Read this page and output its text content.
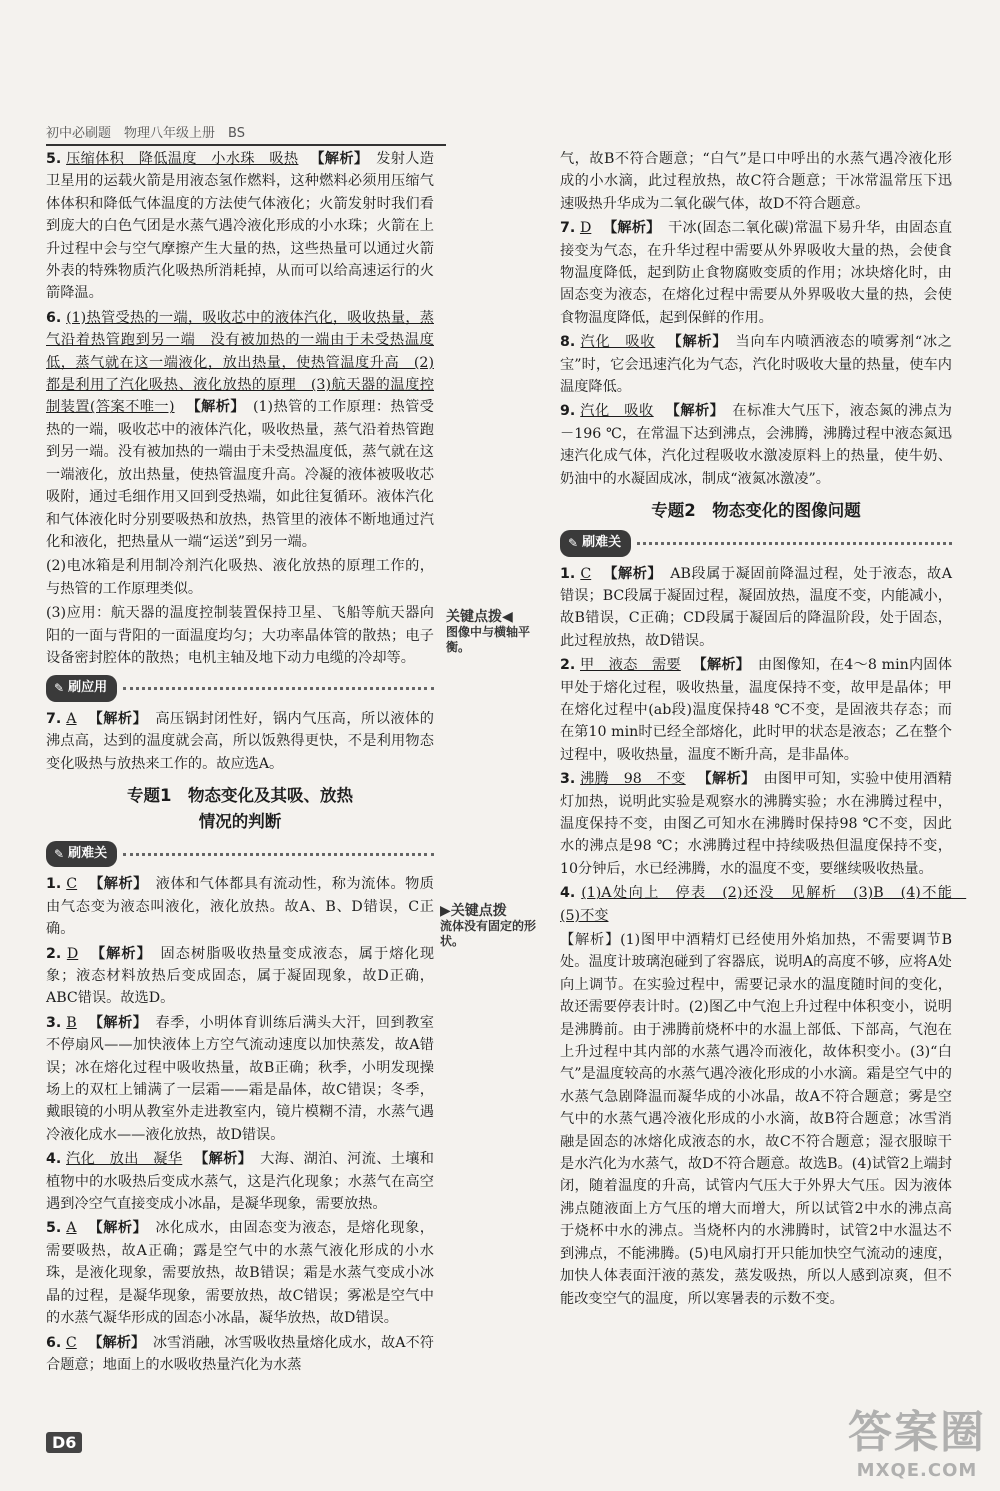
初中必刷题　物理八年级上册　BS
5. 压缩体积　降低温度　小水珠　吸热 【解析】 发射人造卫星用的运载火箭是用液态氢作燃料，这种燃料必须用压缩气体体积和降低气体温度的方法使气体液化；火箭发射时我们看到庞大的白色气团是水蒸气遇冷液化形成的小水珠；火箭在上升过程中会与空气摩擦产生大量的热，这些热量可以通过火箭外表的特殊物质汽化吸热所消耗掉，从而可以给高速运行的火箭降温。
6. (1)热管受热的一端，吸收芯中的液体汽化，吸收热量，蒸气沿着热管跑到另一端　没有被加热的一端由于未受热温度低，蒸气就在这一端液化，放出热量，使热管温度升高　(2)都是利用了汽化吸热、液化放热的原理　(3)航天器的温度控制装置(答案不唯一) 【解析】 (1)热管的工作原理：热管受热的一端，吸收芯中的液体汽化，吸收热量，蒸气沿着热管跑到另一端。没有被加热的一端由于未受热温度低，蒸气就在这一端液化，放出热量，使热管温度升高。冷凝的液体被吸收芯吸附，通过毛细作用又回到受热端，如此往复循环。液体汽化和气体液化时分别要吸热和放热，热管里的液体不断地通过汽化和液化，把热量从一端“运送”到另一端。
(2)电冰箱是利用制冷剂汽化吸热、液化放热的原理工作的，与热管的工作原理类似。
(3)应用：航天器的温度控制装置保持卫星、飞船等航天器向阳的一面与背阳的一面温度均匀；大功率晶体管的散热；电子设备密封腔体的散热；电机主轴及地下动力电缆的冷却等。
✎ 刷应用
7. A 【解析】 高压锅封闭性好，锅内气压高，所以液体的沸点高，达到的温度就会高，所以饭熟得更快，不是利用物态变化吸热与放热来工作的。故应选A。
专题1　物态变化及其吸、放热
情况的判断
✎ 刷难关
1. C 【解析】 液体和气体都具有流动性，称为流体。物质由气态变为液态叫液化，液化放热。故A、B、D错误，C正确。
2. D 【解析】 固态树脂吸收热量变成液态，属于熔化现象；液态材料放热后变成固态，属于凝固现象，故D正确，ABC错误。故选D。
3. B 【解析】 春季，小明体育训练后满头大汗，回到教室不停扇风——加快液体上方空气流动速度以加快蒸发，故A错误；冰在熔化过程中吸收热量，故B正确；秋季，小明发现操场上的双杠上铺满了一层霜——霜是晶体，故C错误；冬季，戴眼镜的小明从教室外走进教室内，镜片模糊不清，水蒸气遇冷液化成水——液化放热，故D错误。
4. 汽化　放出　凝华 【解析】 大海、湖泊、河流、土壤和植物中的水吸热后变成水蒸气，这是汽化现象；水蒸气在高空遇到冷空气直接变成小冰晶，是凝华现象，需要放热。
5. A 【解析】 冰化成水，由固态变为液态，是熔化现象，需要吸热，故A正确；露是空气中的水蒸气液化形成的小水珠，是液化现象，需要放热，故B错误；霜是水蒸气变成小冰晶的过程，是凝华现象，需要放热，故C错误；雾凇是空气中的水蒸气凝华形成的固态小冰晶，凝华放热，故D错误。
6. C 【解析】 冰雪消融，冰雪吸收热量熔化成水，故A不符合题意；地面上的水吸收热量汽化为水蒸
关键点拨◀
图像中与横轴平衡。
▶关键点拨
流体没有固定的形状。
气，故B不符合题意；“白气”是口中呼出的水蒸气遇冷液化形成的小水滴，此过程放热，故C符合题意；干冰常温常压下迅速吸热升华成为二氧化碳气体，故D不符合题意。
7. D 【解析】 干冰(固态二氧化碳)常温下易升华，由固态直接变为气态，在升华过程中需要从外界吸收大量的热，会使食物温度降低，起到防止食物腐败变质的作用；冰块熔化时，由固态变为液态，在熔化过程中需要从外界吸收大量的热，会使食物温度降低，起到保鲜的作用。
8. 汽化　吸收 【解析】 当向车内喷洒液态的喷雾剂“冰之宝”时，它会迅速汽化为气态，汽化时吸收大量的热量，使车内温度降低。
9. 汽化　吸收 【解析】 在标准大气压下，液态氮的沸点为－196 ℃，在常温下达到沸点，会沸腾，沸腾过程中液态氮迅速汽化成气体，汽化过程吸收水激凌原料上的热量，使牛奶、奶油中的水凝固成冰，制成“液氮冰激凌”。
专题2　物态变化的图像问题
✎ 刷难关
1. C 【解析】 AB段属于凝固前降温过程，处于液态，故A错误；BC段属于凝固过程，凝固放热，温度不变，内能减小，故B错误，C正确；CD段属于凝固后的降温阶段，处于固态，此过程放热，故D错误。
2. 甲　液态　需要 【解析】 由图像知，在4～8 min内固体甲处于熔化过程，吸收热量，温度保持不变，故甲是晶体；甲在熔化过程中(ab段)温度保持48 ℃不变，是固液共存态；而在第10 min时已经全部熔化，此时甲的状态是液态；乙在整个过程中，吸收热量，温度不断升高，是非晶体。
3. 沸腾　98　不变 【解析】 由图甲可知，实验中使用酒精灯加热，说明此实验是观察水的沸腾实验；水在沸腾过程中，温度保持不变，由图乙可知水在沸腾时保持98 ℃不变，因此水的沸点是98 ℃；水沸腾过程中持续吸热但温度保持不变，10分钟后，水已经沸腾，水的温度不变，要继续吸收热量。
4. (1)A处向上　停表　(2)还没　见解析　(3)B　(4)不能　(5)不变
【解析】(1)图甲中酒精灯已经使用外焰加热，不需要调节B处。温度计玻璃泡碰到了容器底，说明A的高度不够，应将A处向上调节。在实验过程中，需要记录水的温度随时间的变化，故还需要停表计时。(2)图乙中气泡上升过程中体积变小，说明是沸腾前。由于沸腾前烧杯中的水温上部低、下部高，气泡在上升过程中其内部的水蒸气遇冷而液化，故体积变小。(3)“白气”是温度较高的水蒸气遇冷液化形成的小水滴。霜是空气中的水蒸气急剧降温而凝华成的小冰晶，故A不符合题意；雾是空气中的水蒸气遇冷液化形成的小水滴，故B符合题意；冰雪消融是固态的冰熔化成液态的水，故C不符合题意；湿衣服晾干是水汽化为水蒸气，故D不符合题意。故选B。(4)试管2上端封闭，随着温度的升高，试管内气压大于外界大气压。因为液体沸点随液面上方气压的增大而增大，所以试管2中水的沸点高于烧杯中水的沸点。当烧杯内的水沸腾时，试管2中水温达不到沸点，不能沸腾。(5)电风扇打开只能加快空气流动的速度，加快人体表面汗液的蒸发，蒸发吸热，所以人感到凉爽，但不能改变空气的温度，所以寒暑表的示数不变。
D6	答案圈
MXQE.COM
